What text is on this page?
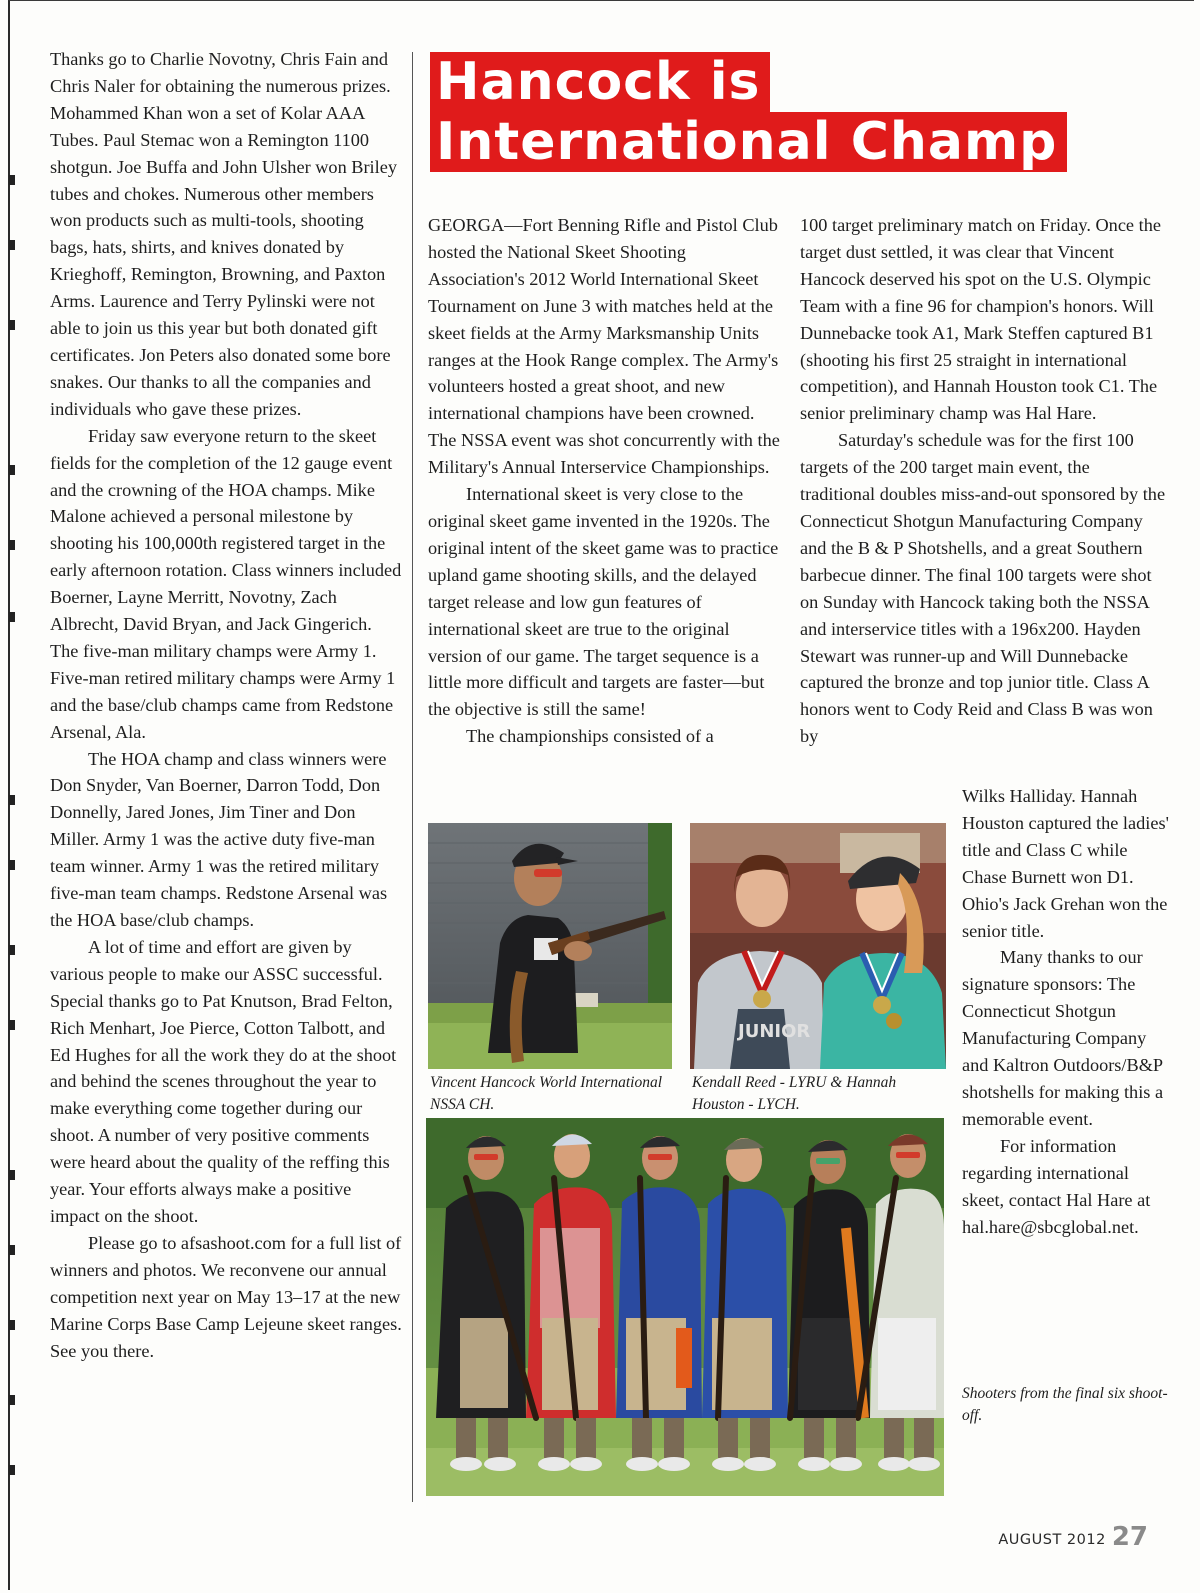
Thanks go to Charlie Novotny, Chris Fain and Chris Naler for obtaining the numerous prizes. Mohammed Khan won a set of Kolar AAA Tubes. Paul Stemac won a Remington 1100 shotgun. Joe Buffa and John Ulsher won Briley tubes and chokes. Numerous other members won products such as multi-tools, shooting bags, hats, shirts, and knives donated by Krieghoff, Remington, Browning, and Paxton Arms. Laurence and Terry Pylinski were not able to join us this year but both donated gift certificates. Jon Peters also donated some bore snakes. Our thanks to all the companies and individuals who gave these prizes.

Friday saw everyone return to the skeet fields for the completion of the 12 gauge event and the crowning of the HOA champs. Mike Malone achieved a personal milestone by shooting his 100,000th registered target in the early afternoon rotation. Class winners included Boerner, Layne Merritt, Novotny, Zach Albrecht, David Bryan, and Jack Gingerich. The five-man military champs were Army 1. Five-man retired military champs were Army 1 and the base/club champs came from Redstone Arsenal, Ala.

The HOA champ and class winners were Don Snyder, Van Boerner, Darron Todd, Don Donnelly, Jared Jones, Jim Tiner and Don Miller. Army 1 was the active duty five-man team winner. Army 1 was the retired military five-man team champs. Redstone Arsenal was the HOA base/club champs.

A lot of time and effort are given by various people to make our ASSC successful. Special thanks go to Pat Knutson, Brad Felton, Rich Menhart, Joe Pierce, Cotton Talbott, and Ed Hughes for all the work they do at the shoot and behind the scenes throughout the year to make everything come together during our shoot. A number of very positive comments were heard about the quality of the reffing this year. Your efforts always make a positive impact on the shoot.

Please go to afsashoot.com for a full list of winners and photos. We reconvene our annual competition next year on May 13–17 at the new Marine Corps Base Camp Lejeune skeet ranges. See you there.

Hancock is
International Champ

GEORGA—Fort Benning Rifle and Pistol Club hosted the National Skeet Shooting Association's 2012 World International Skeet Tournament on June 3 with matches held at the skeet fields at the Army Marksmanship Units ranges at the Hook Range complex. The Army's volunteers hosted a great shoot, and new international champions have been crowned. The NSSA event was shot concurrently with the Military's Annual Interservice Championships.

International skeet is very close to the original skeet game invented in the 1920s. The original intent of the skeet game was to practice upland game shooting skills, and the delayed target release and low gun features of international skeet are true to the original version of our game. The target sequence is a little more difficult and targets are faster—but the objective is still the same!

The championships consisted of a

100 target preliminary match on Friday. Once the target dust settled, it was clear that Vincent Hancock deserved his spot on the U.S. Olympic Team with a fine 96 for champion's honors. Will Dunnebacke took A1, Mark Steffen captured B1 (shooting his first 25 straight in international competition), and Hannah Houston took C1. The senior preliminary champ was Hal Hare.

Saturday's schedule was for the first 100 targets of the 200 target main event, the traditional doubles miss-and-out sponsored by the Connecticut Shotgun Manufacturing Company and the B & P Shotshells, and a great Southern barbecue dinner. The final 100 targets were shot on Sunday with Hancock taking both the NSSA and interservice titles with a 196x200. Hayden Stewart was runner-up and Will Dunnebacke captured the bronze and top junior title. Class A honors went to Cody Reid and Class B was won by

Wilks Halliday. Hannah Houston captured the ladies' title and Class C while Chase Burnett won D1. Ohio's Jack Grehan won the senior title.

Many thanks to our signature sponsors: The Connecticut Shotgun Manufacturing Company and Kaltron Outdoors/B&P shotshells for making this a memorable event.

For information regarding international skeet, contact Hal Hare at hal.hare@sbcglobal.net.

JUNIOR
Vincent Hancock World International NSSA CH.
Kendall Reed - LYRU & Hannah Houston - LYCH.
Shooters from the final six shoot-off.
AUGUST 2012 27
